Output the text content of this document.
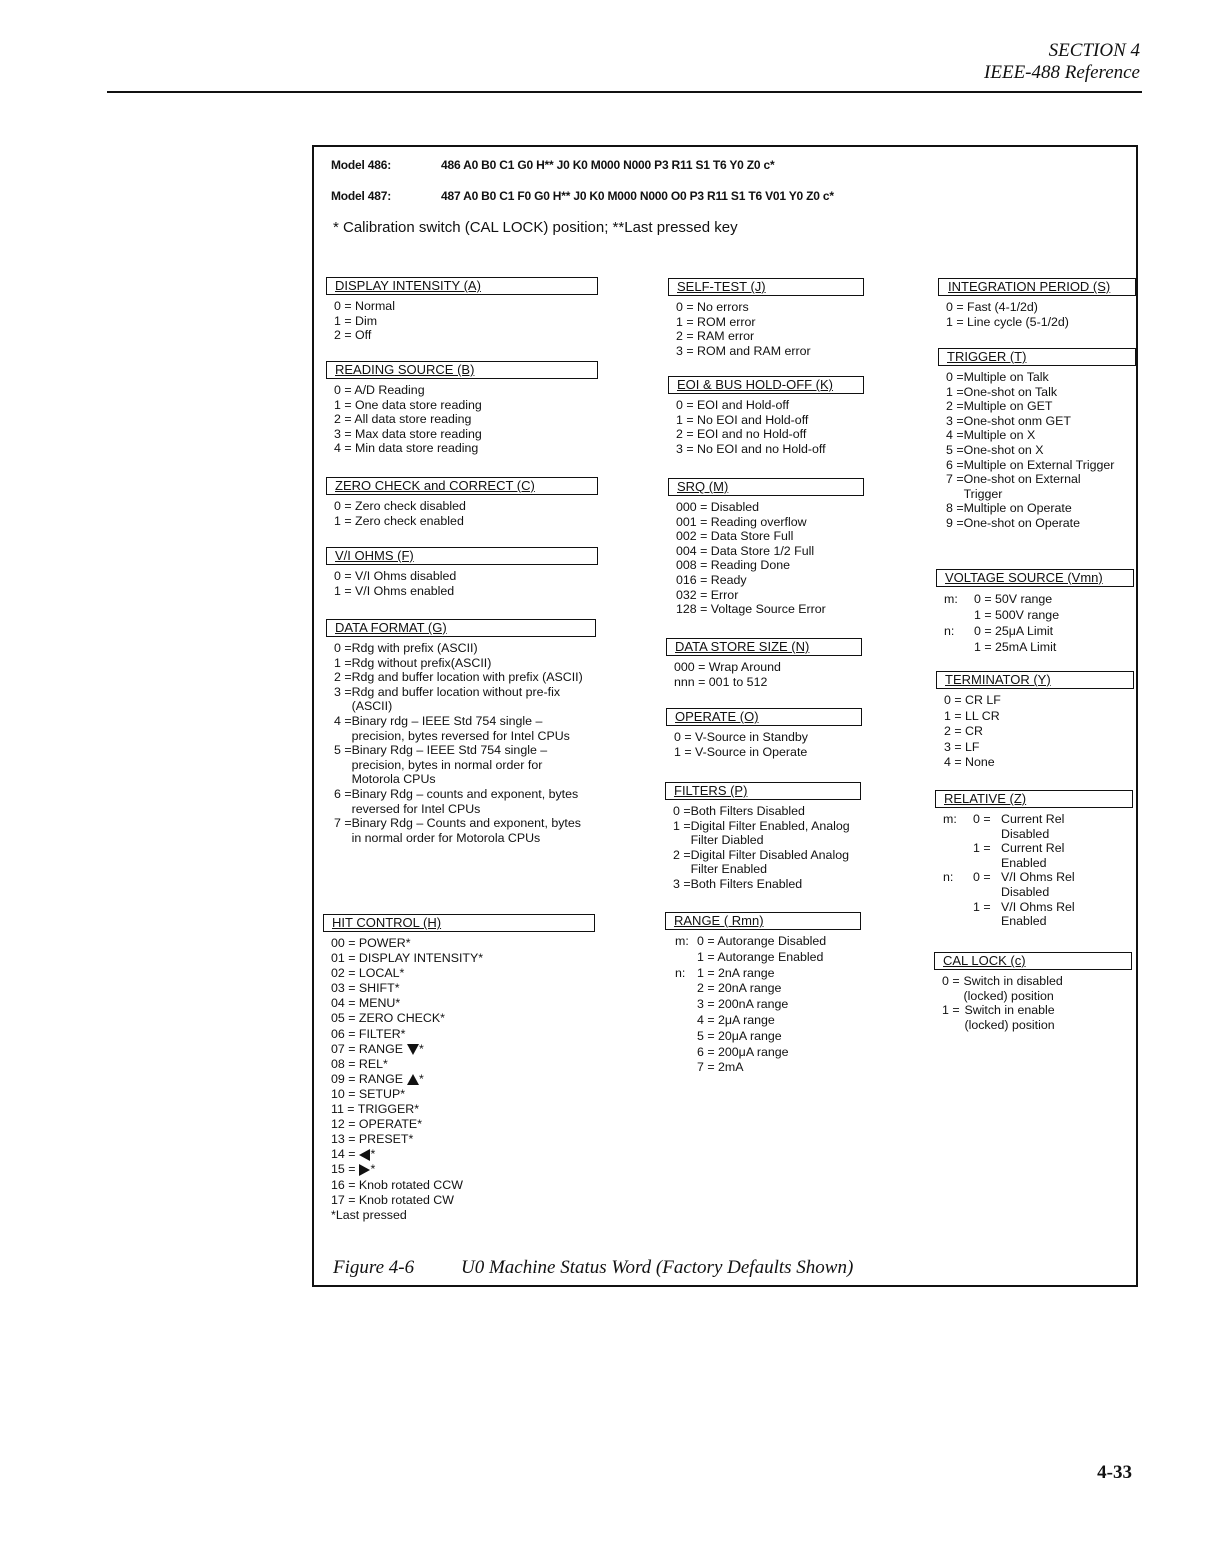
SECTION 4
IEEE-488 Reference
Model 486:	486 A0 B0 C1 G0 H** J0 K0 M000 N000 P3 R11 S1 T6 Y0 Z0 c*
Model 487:	487 A0 B0 C1 F0 G0 H** J0 K0 M000 N000 O0 P3 R11 S1 T6 V01 Y0 Z0 c*
* Calibration switch (CAL LOCK) position; **Last pressed key
DISPLAY INTENSITY (A)
0 = Normal
1 = Dim
2 = Off
READING SOURCE (B)
0 = A/D Reading
1 = One data store reading
2 = All data store reading
3 = Max data store reading
4 = Min data store reading
ZERO CHECK and CORRECT (C)
0 = Zero check disabled
1 = Zero check enabled
V/I OHMS (F)
0 = V/I Ohms disabled
1 = V/I Ohms enabled
DATA FORMAT (G)
0 = Rdg with prefix (ASCII)
1 = Rdg without prefix(ASCII)
2 = Rdg and buffer location with prefix (ASCII)
3 = Rdg and buffer location without pre-fix (ASCII)
4 = Binary rdg – IEEE Std 754 single – precision, bytes reversed for Intel CPUs
5 = Binary Rdg – IEEE Std 754 single – precision, bytes in normal order for Motorola CPUs
6 = Binary Rdg – counts and exponent, bytes reversed for Intel CPUs
7 = Binary Rdg – Counts and exponent, bytes in normal order for Motorola CPUs
HIT CONTROL (H)
00 = POWER*
01 = DISPLAY INTENSITY*
02 = LOCAL*
03 = SHIFT*
04 = MENU*
05 = ZERO CHECK*
06 = FILTER*
07 = RANGE *
08 = REL*
09 = RANGE *
10 = SETUP*
11 = TRIGGER*
12 = OPERATE*
13 = PRESET*
14 = *
15 = *
16 = Knob rotated CCW
17 = Knob rotated CW
*Last pressed
SELF-TEST (J)
0 = No errors
1 = ROM error
2 = RAM error
3 = ROM and RAM error
EOI & BUS HOLD-OFF (K)
0 = EOI and Hold-off
1 = No EOI and Hold-off
2 = EOI and no Hold-off
3 = No EOI and no Hold-off
SRQ (M)
000 = Disabled
001 = Reading overflow
002 = Data Store Full
004 = Data Store 1/2 Full
008 = Reading Done
016 = Ready
032 = Error
128 = Voltage Source Error
DATA STORE SIZE (N)
000 = Wrap Around
nnn = 001 to 512
OPERATE (O)
0 = V-Source in Standby
1 = V-Source in Operate
FILTERS (P)
0 = Both Filters Disabled
1 = Digital Filter Enabled, Analog Filter Diabled
2 = Digital Filter Disabled Analog Filter Enabled
3 = Both Filters Enabled
RANGE ( Rmn)
m: 0 = Autorange Disabled
1 = Autorange Enabled
n: 1 = 2nA range
2 = 20nA range
3 = 200nA range
4 = 2μA range
5 = 20μA range
6 = 200μA range
7 = 2mA
INTEGRATION PERIOD (S)
0 = Fast (4-1/2d)
1 = Line cycle (5-1/2d)
TRIGGER (T)
0 = Multiple on Talk
1 = One-shot on Talk
2 = Multiple on GET
3 = One-shot onm GET
4 = Multiple on X
5 = One-shot on X
6 = Multiple on External Trigger
7 = One-shot on External Trigger
8 = Multiple on Operate
9 = One-shot on Operate
VOLTAGE SOURCE (Vmn)
m:	0 = 50V range
1 = 500V range
n:	0 = 25μA Limit
1 = 25mA Limit
TERMINATOR (Y)
0 = CR LF
1 = LL CR
2 = CR
3 = LF
4 = None
RELATIVE (Z)
m:	0 = Current Rel Disabled
1 = Current Rel Enabled
n:	0 = V/I Ohms Rel Disabled
1 = V/I Ohms Rel Enabled
CAL LOCK (c)
0 = Switch in disabled (locked) position
1 = Switch in enable (locked) position
Figure 4-6 U0 Machine Status Word (Factory Defaults Shown)
4-33
